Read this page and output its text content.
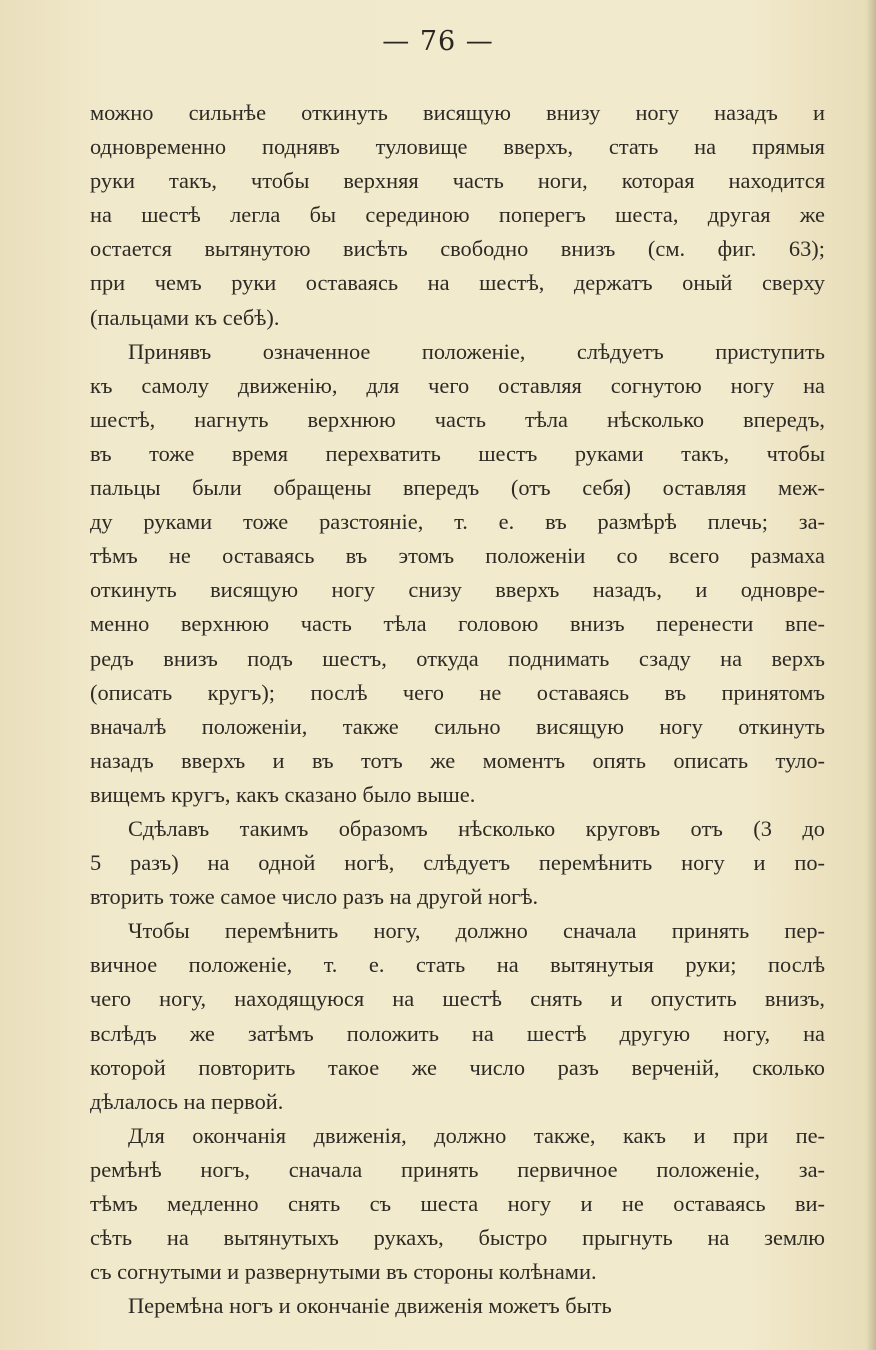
— 76 —
можно сильнѣе откинуть висящую внизу ногу назадъ и
одновременно поднявъ туловище вверхъ, стать на прямыя
руки такъ, чтобы верхняя часть ноги, которая находится
на шестѣ легла бы серединою поперегъ шеста, другая же
остается вытянутою висѣть свободно внизъ (см. фиг. 63);
при чемъ руки оставаясь на шестѣ, держатъ оный сверху
(пальцами къ себѣ).
Принявъ означенное положеніе, слѣдуетъ приступить
къ самолу движенію, для чего оставляя согнутою ногу на
шестѣ, нагнуть верхнюю часть тѣла нѣсколько впередъ,
въ тоже время перехватить шестъ руками такъ, чтобы
пальцы были обращены впередъ (отъ себя) оставляя меж-
ду руками тоже разстояніе, т. е. въ размѣрѣ плечь; за-
тѣмъ не оставаясь въ этомъ положеніи со всего размаха
откинуть висящую ногу снизу вверхъ назадъ, и одновре-
менно верхнюю часть тѣла головою внизъ перенести впе-
редъ внизъ подъ шестъ, откуда поднимать сзаду на верхъ
(описать кругъ); послѣ чего не оставаясь въ принятомъ
вначалѣ положеніи, также сильно висящую ногу откинуть
назадъ вверхъ и въ тотъ же моментъ опять описать туло-
вищемъ кругъ, какъ сказано было выше.
Сдѣлавъ такимъ образомъ нѣсколько круговъ отъ (3 до
5 разъ) на одной ногѣ, слѣдуетъ перемѣнить ногу и по-
вторить тоже самое число разъ на другой ногѣ.
Чтобы перемѣнить ногу, должно сначала принять пер-
вичное положеніе, т. е. стать на вытянутыя руки; послѣ
чего ногу, находящуюся на шестѣ снять и опустить внизъ,
вслѣдъ же затѣмъ положить на шестѣ другую ногу, на
которой повторить такое же число разъ верченій, сколько
дѣлалось на первой.
Для окончанія движенія, должно также, какъ и при пе-
ремѣнѣ ногъ, сначала принять первичное положеніе, за-
тѣмъ медленно снять съ шеста ногу и не оставаясь ви-
сѣть на вытянутыхъ рукахъ, быстро прыгнуть на землю
съ согнутыми и развернутыми въ стороны колѣнами.
Перемѣна ногъ и окончаніе движенія можетъ быть
